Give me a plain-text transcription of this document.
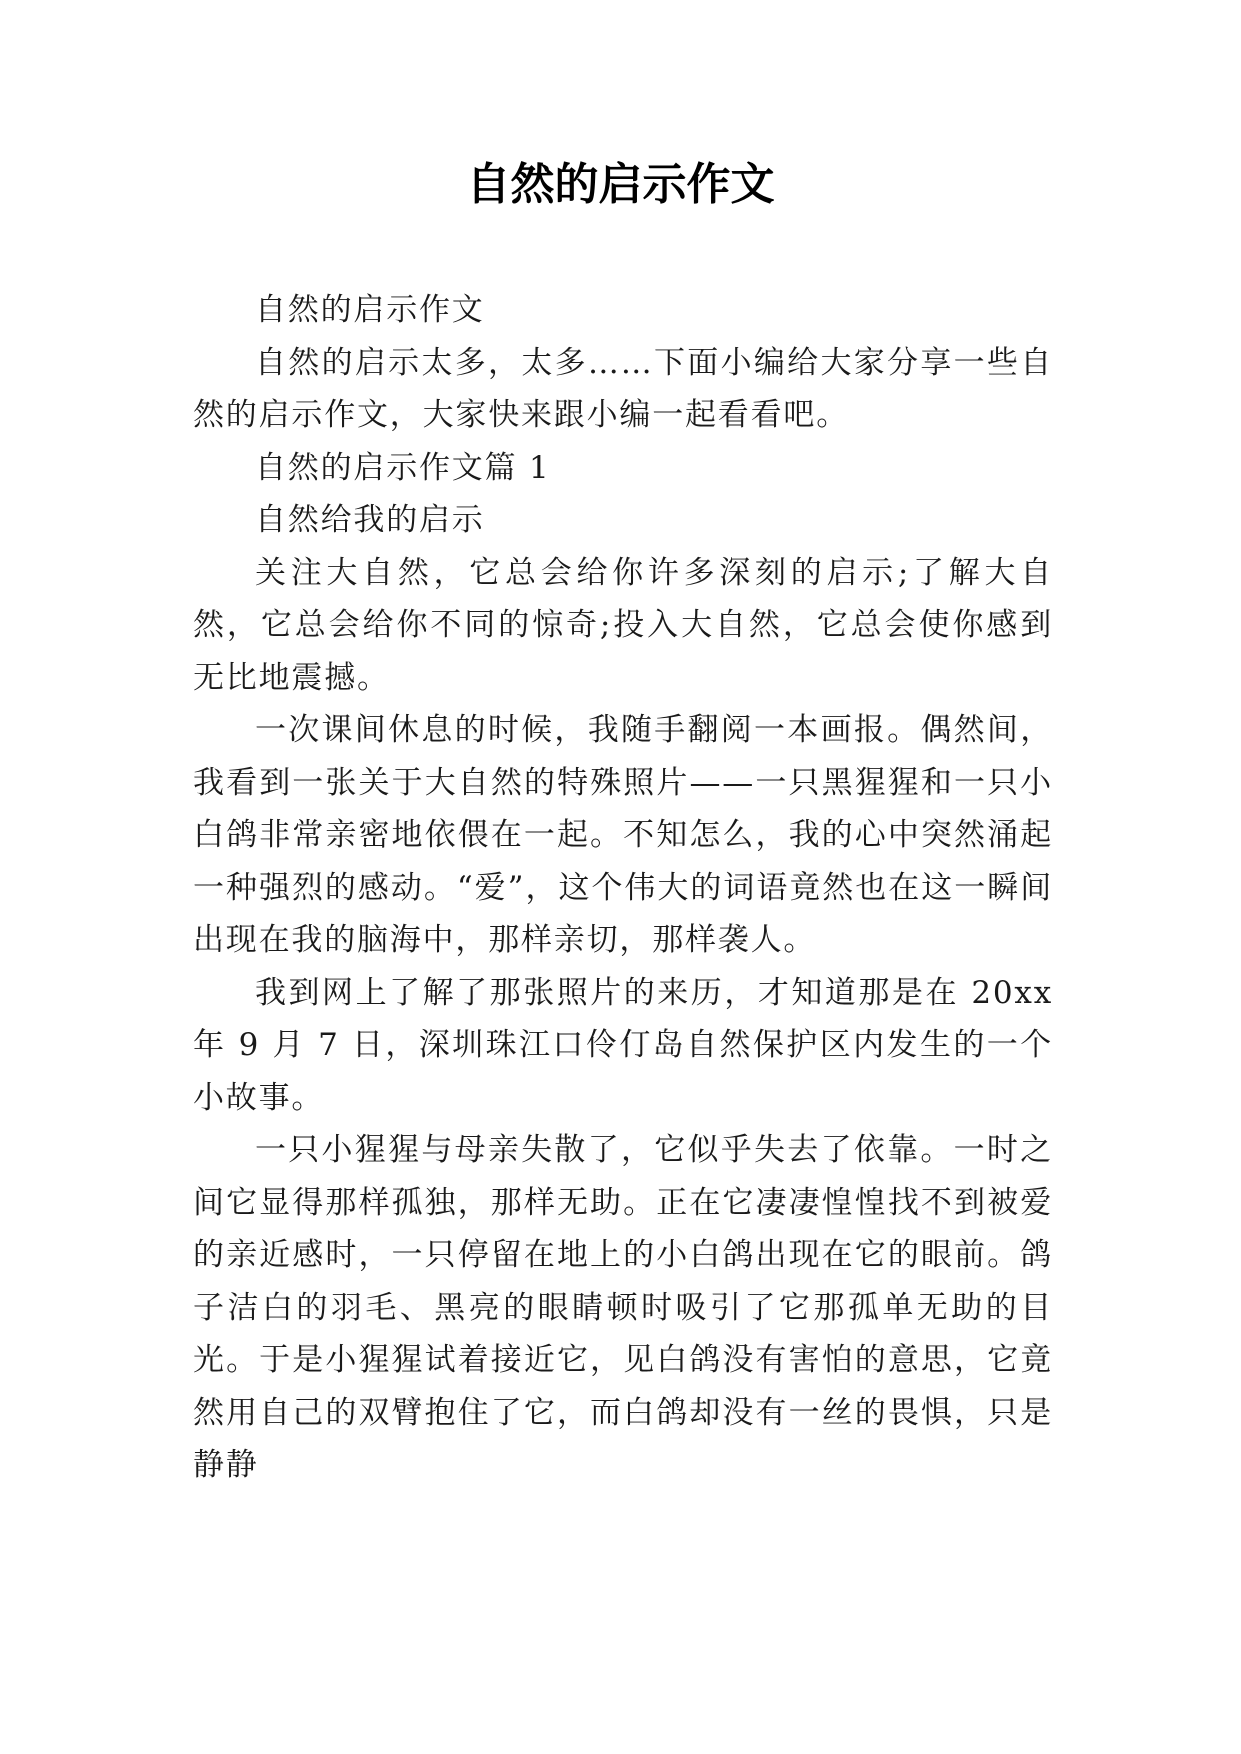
自然的启示作文

自然的启示作文

自然的启示太多，太多……下面小编给大家分享一些自然的启示作文，大家快来跟小编一起看看吧。

自然的启示作文篇 1

自然给我的启示

关注大自然，它总会给你许多深刻的启示;了解大自然，它总会给你不同的惊奇;投入大自然，它总会使你感到无比地震撼。

一次课间休息的时候，我随手翻阅一本画报。偶然间，我看到一张关于大自然的特殊照片——一只黑猩猩和一只小白鸽非常亲密地依偎在一起。不知怎么，我的心中突然涌起一种强烈的感动。“爱”，这个伟大的词语竟然也在这一瞬间出现在我的脑海中，那样亲切，那样袭人。

我到网上了解了那张照片的来历，才知道那是在 20xx 年 9 月 7 日，深圳珠江口伶仃岛自然保护区内发生的一个小故事。

一只小猩猩与母亲失散了，它似乎失去了依靠。一时之间它显得那样孤独，那样无助。正在它凄凄惶惶找不到被爱的亲近感时，一只停留在地上的小白鸽出现在它的眼前。鸽子洁白的羽毛、黑亮的眼睛顿时吸引了它那孤单无助的目光。于是小猩猩试着接近它，见白鸽没有害怕的意思，它竟然用自己的双臂抱住了它，而白鸽却没有一丝的畏惧，只是静静
